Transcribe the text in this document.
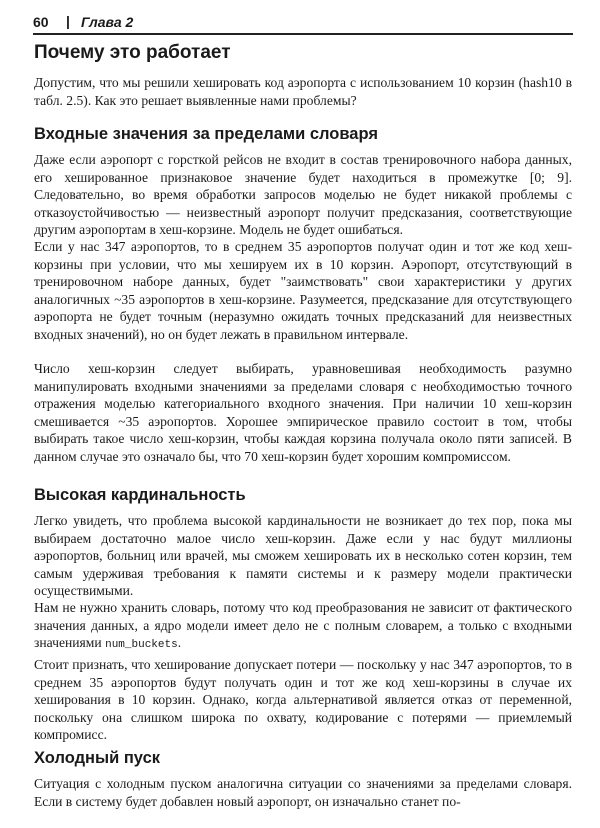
60 | Глава 2
Почему это работает

Допустим, что мы решили хешировать код аэропорта с использованием 10 корзин (hash10 в табл. 2.5). Как это решает выявленные нами проблемы?

Входные значения за пределами словаря

Даже если аэропорт с горсткой рейсов не входит в состав тренировочного набора данных, его хешированное признаковое значение будет находиться в промежутке [0; 9]. Следовательно, во время обработки запросов моделью не будет никакой проблемы с отказоустойчивостью — неизвестный аэропорт получит предсказания, соответствующие другим аэропортам в хеш-корзине. Модель не будет ошибаться.

Если у нас 347 аэропортов, то в среднем 35 аэропортов получат один и тот же код хеш-корзины при условии, что мы хешируем их в 10 корзин. Аэропорт, отсутствующий в тренировочном наборе данных, будет "заимствовать" свои характеристики у других аналогичных ~35 аэропортов в хеш-корзине. Разумеется, предсказание для отсутствующего аэропорта не будет точным (неразумно ожидать точных предсказаний для неизвестных входных значений), но он будет лежать в правильном интервале.

Число хеш-корзин следует выбирать, уравновешивая необходимость разумно манипулировать входными значениями за пределами словаря с необходимостью точного отражения моделью категориального входного значения. При наличии 10 хеш-корзин смешивается ~35 аэропортов. Хорошее эмпирическое правило состоит в том, чтобы выбирать такое число хеш-корзин, чтобы каждая корзина получала около пяти записей. В данном случае это означало бы, что 70 хеш-корзин будет хорошим компромиссом.

Высокая кардинальность

Легко увидеть, что проблема высокой кардинальности не возникает до тех пор, пока мы выбираем достаточно малое число хеш-корзин. Даже если у нас будут миллионы аэропортов, больниц или врачей, мы сможем хешировать их в несколько сотен корзин, тем самым удерживая требования к памяти системы и к размеру модели практически осуществимыми.

Нам не нужно хранить словарь, потому что код преобразования не зависит от фактического значения данных, а ядро модели имеет дело не с полным словарем, а только с входными значениями num_buckets.

Стоит признать, что хеширование допускает потери — поскольку у нас 347 аэропортов, то в среднем 35 аэропортов будут получать один и тот же код хеш-корзины в случае их хеширования в 10 корзин. Однако, когда альтернативой является отказ от переменной, поскольку она слишком широка по охвату, кодирование с потерями — приемлемый компромисс.

Холодный пуск

Ситуация с холодным пуском аналогична ситуации со значениями за пределами словаря. Если в систему будет добавлен новый аэропорт, он изначально станет по-
